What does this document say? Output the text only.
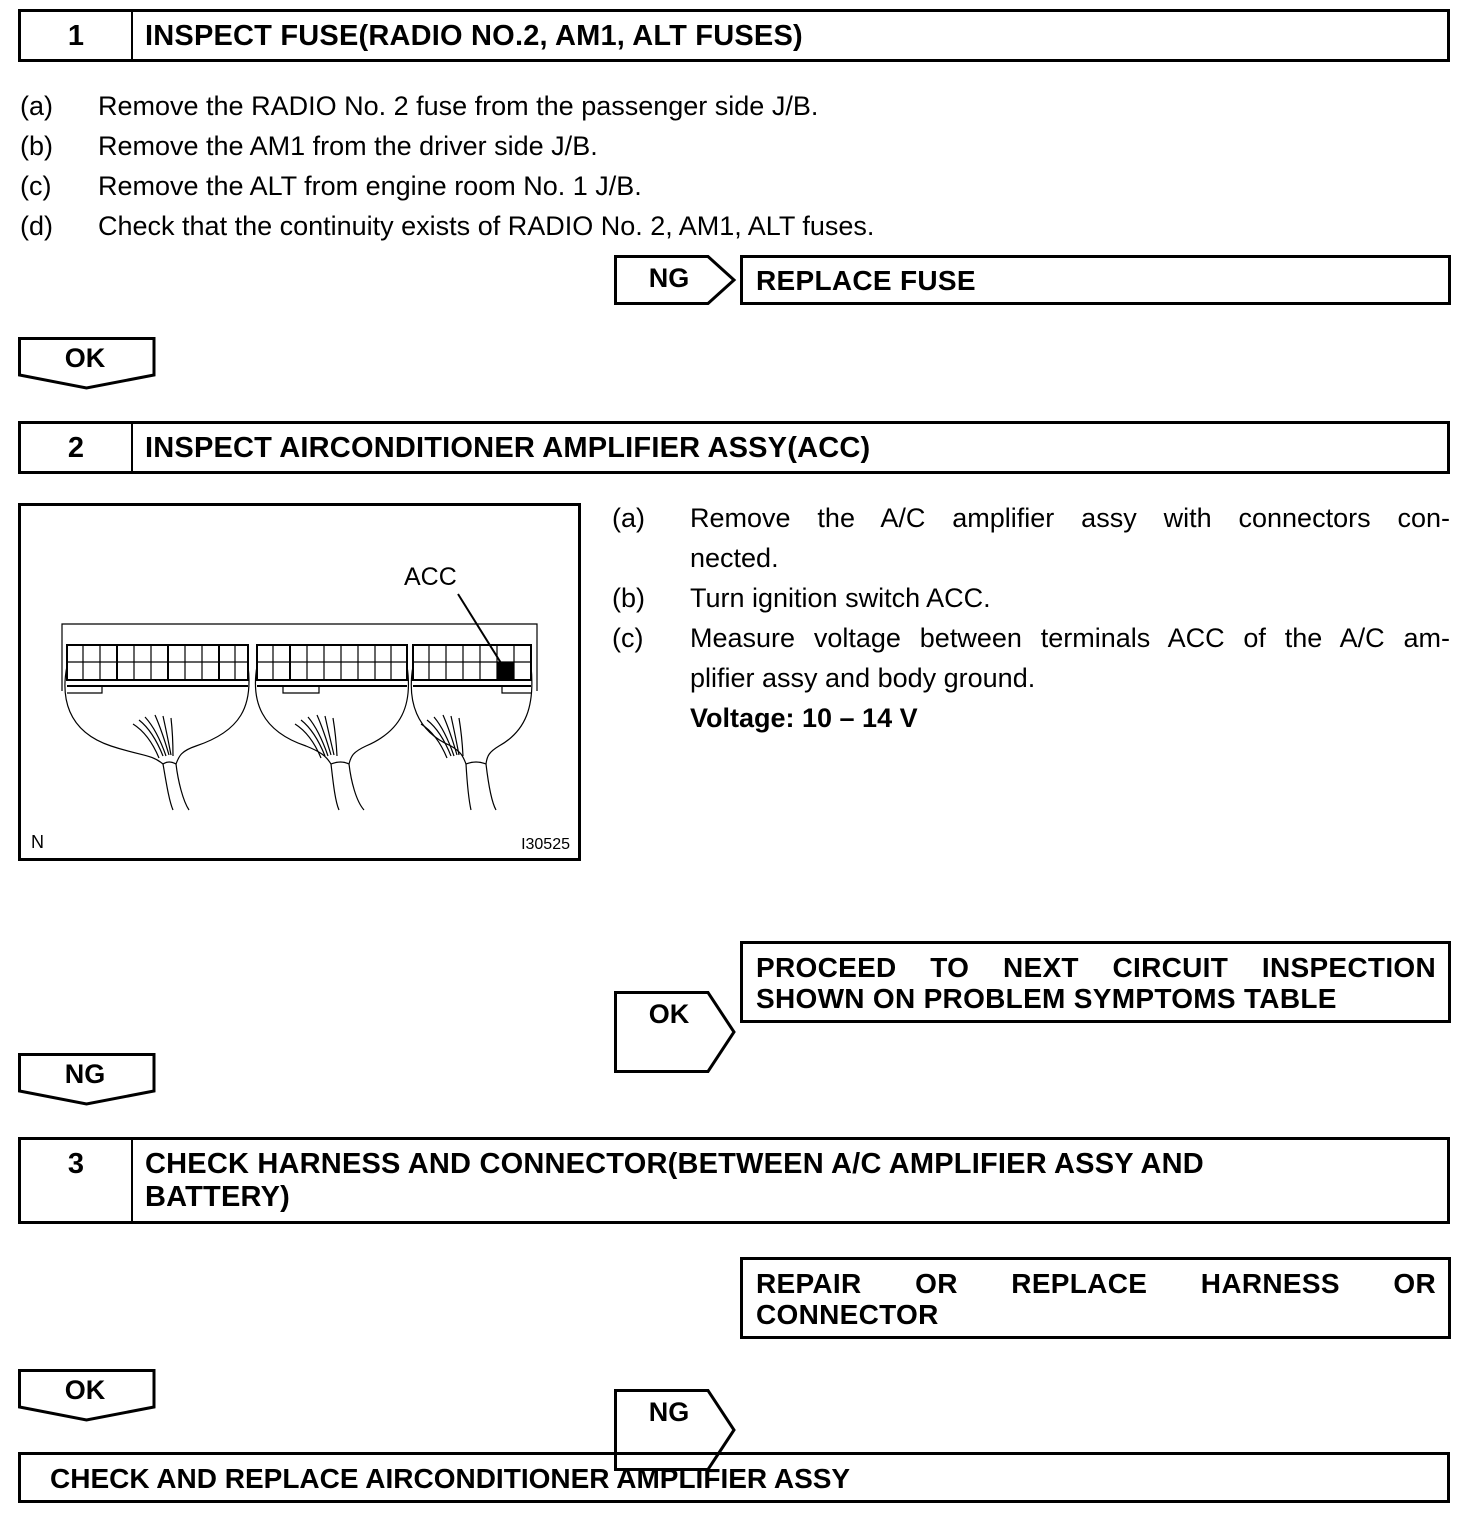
1	INSPECT FUSE(RADIO NO.2, AM1, ALT FUSES)
(a)	Remove the RADIO No. 2 fuse from the passenger side J/B.
(b)	Remove the AM1 from the driver side J/B.
(c)	Remove the ALT from engine room No. 1 J/B.
(d)	Check that the continuity exists of RADIO No. 2, AM1, ALT fuses.
NG	REPLACE FUSE
OK
2	INSPECT AIRCONDITIONER AMPLIFIER ASSY(ACC)
ACC
N	I30525
(a)	Remove the A/C amplifier assy with connectors con-
nected.
(b)	Turn ignition switch ACC.
(c)	Measure voltage between terminals ACC of the A/C am-
plifier assy and body ground.
Voltage: 10 – 14 V
OK
PROCEED TO NEXT CIRCUIT INSPECTION
SHOWN ON PROBLEM SYMPTOMS TABLE
NG
3	CHECK HARNESS AND CONNECTOR(BETWEEN A/C AMPLIFIER ASSY AND
BATTERY)
NG
REPAIR OR REPLACE HARNESS OR
CONNECTOR
OK
CHECK AND REPLACE AIRCONDITIONER AMPLIFIER ASSY
